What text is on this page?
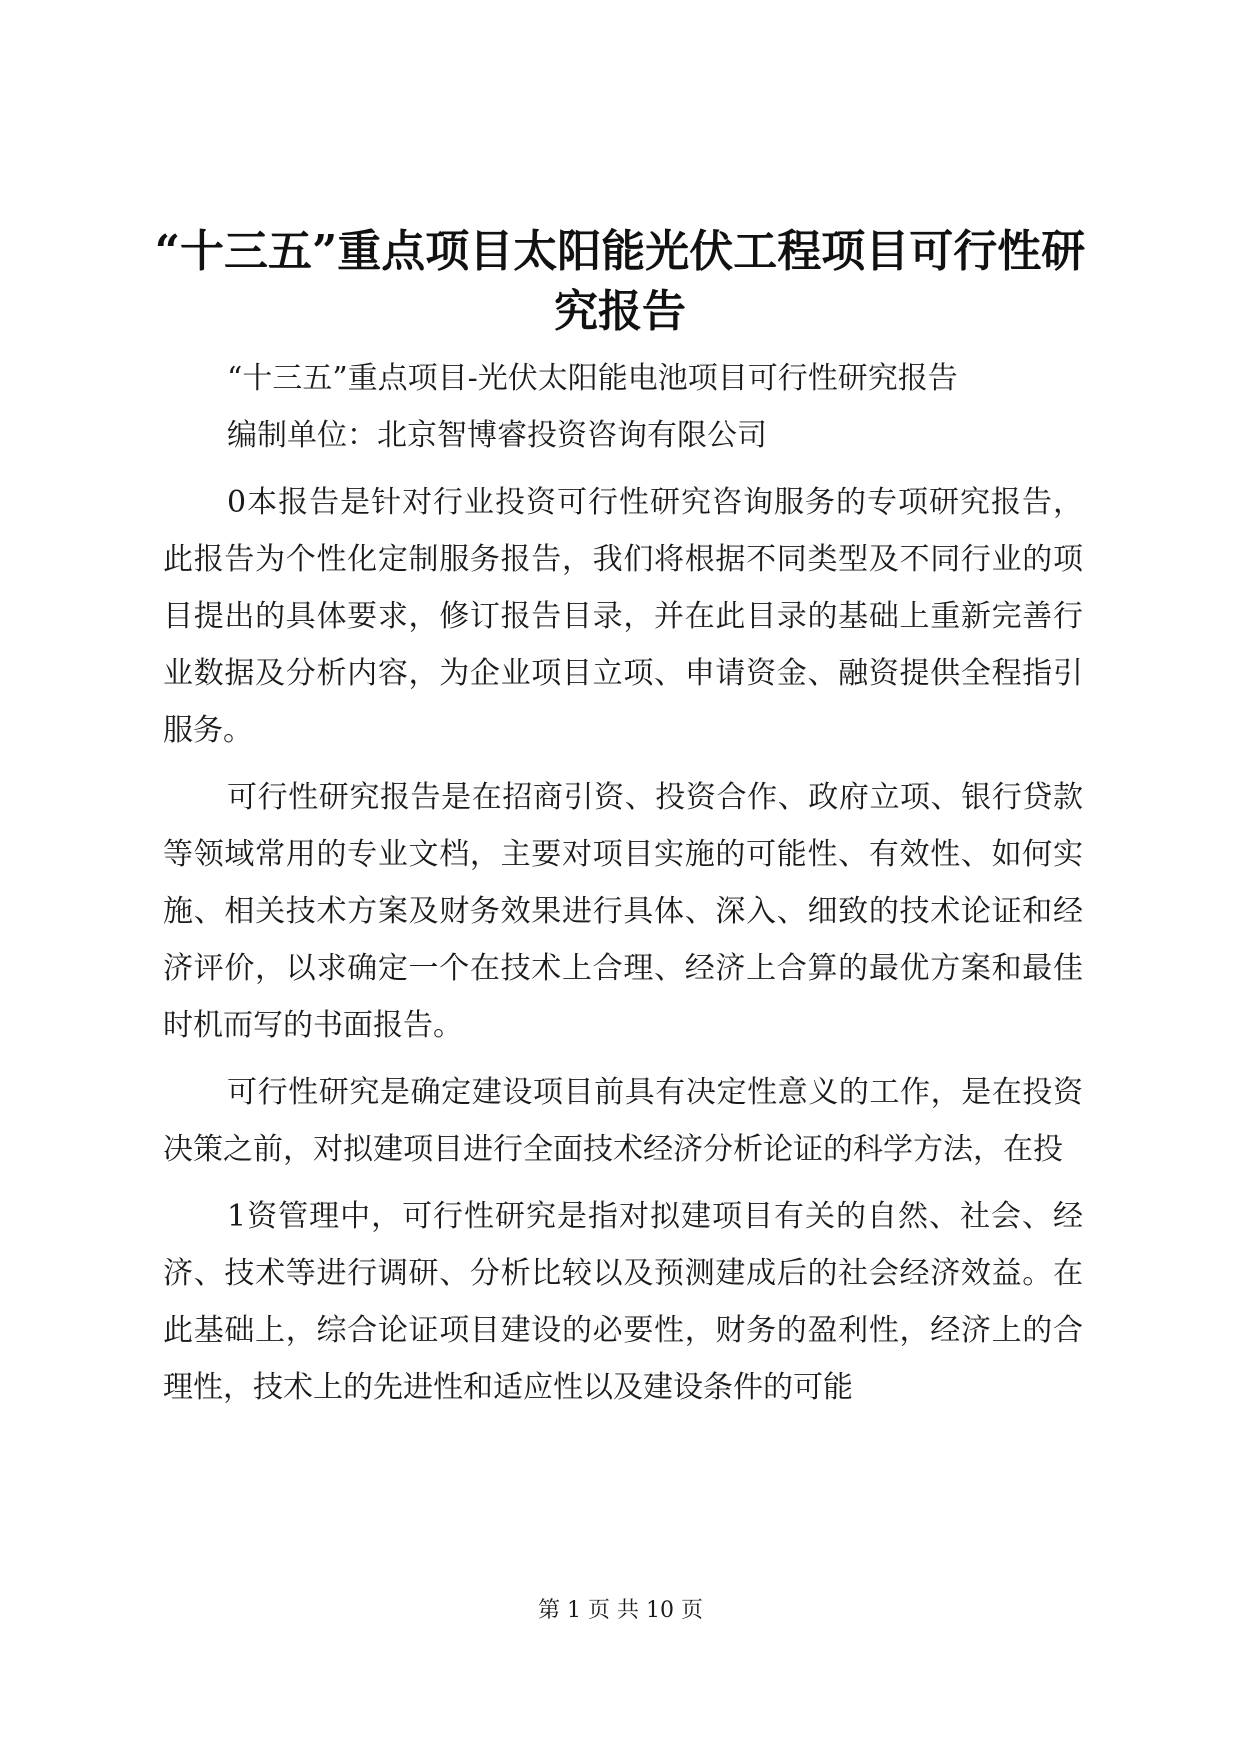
“十三五”重点项目太阳能光伏工程项目可行性研究报告

“十三五”重点项目-光伏太阳能电池项目可行性研究报告

编制单位：北京智博睿投资咨询有限公司

0本报告是针对行业投资可行性研究咨询服务的专项研究报告，此报告为个性化定制服务报告，我们将根据不同类型及不同行业的项目提出的具体要求，修订报告目录，并在此目录的基础上重新完善行业数据及分析内容，为企业项目立项、申请资金、融资提供全程指引服务。

可行性研究报告是在招商引资、投资合作、政府立项、银行贷款等领域常用的专业文档，主要对项目实施的可能性、有效性、如何实施、相关技术方案及财务效果进行具体、深入、细致的技术论证和经济评价，以求确定一个在技术上合理、经济上合算的最优方案和最佳时机而写的书面报告。

可行性研究是确定建设项目前具有决定性意义的工作，是在投资决策之前，对拟建项目进行全面技术经济分析论证的科学方法，在投

1资管理中，可行性研究是指对拟建项目有关的自然、社会、经济、技术等进行调研、分析比较以及预测建成后的社会经济效益。在此基础上，综合论证项目建设的必要性，财务的盈利性，经济上的合理性，技术上的先进性和适应性以及建设条件的可能

第 1 页 共 10 页
